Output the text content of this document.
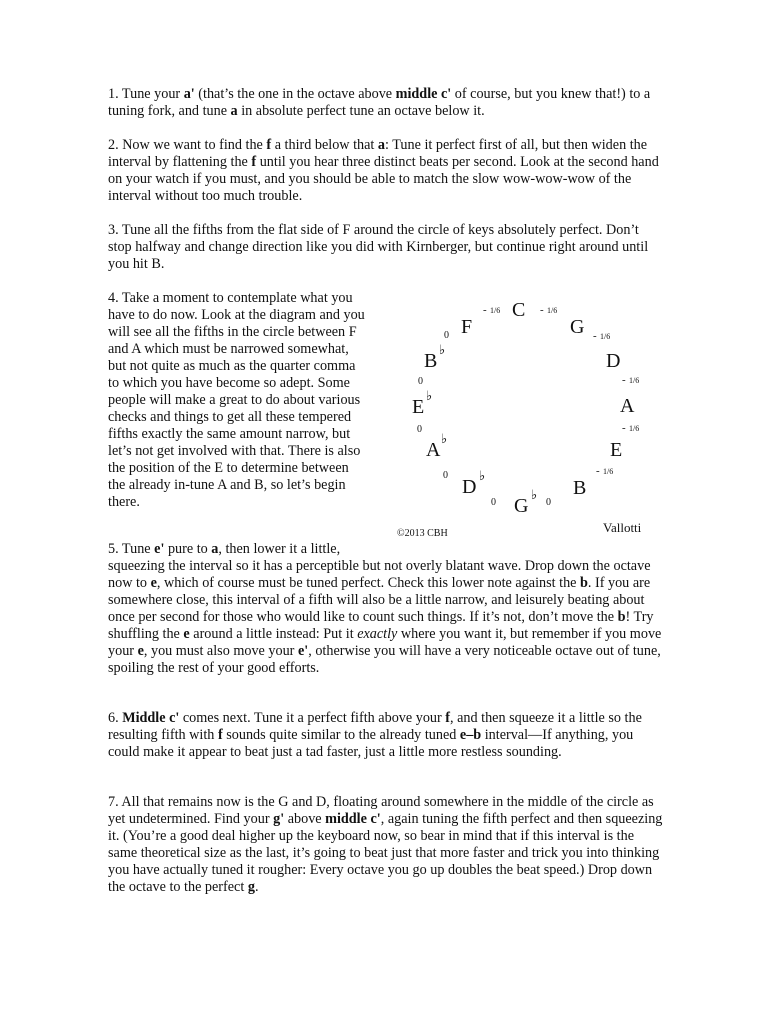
1. Tune your a' (that’s the one in the octave above middle c' of course, but you knew that!) to a tuning fork, and tune a in absolute perfect tune an octave below it.

2. Now we want to find the f a third below that a: Tune it perfect first of all, but then widen the interval by flattening the f until you hear three distinct beats per second. Look at the second hand on your watch if you must, and you should be able to match the slow wow-wow-wow of the interval without too much trouble.

3. Tune all the fifths from the flat side of F around the circle of keys absolutely perfect. Don’t stop halfway and change direction like you did with Kirnberger, but continue right around until you hit B.

4. Take a moment to contemplate what you have to do now. Look at the diagram and you will see all the fifths in the circle between F and A which must be narrowed somewhat, but not quite as much as the quarter comma to which you have become so adept. Some people will make a great to do about various checks and things to get all these tempered fifths exactly the same amount narrow, but let’s not get involved with that. There is also the position of the E to determine between the already in-tune A and B, so let’s begin there.

5. Tune e' pure to a, then lower it a little, squeezing the interval so it has a perceptible but not overly blatant wave. Drop down the octave now to e, which of course must be tuned perfect. Check this lower note against the b. If you are somewhere close, this interval of a fifth will also be a little narrow, and leisurely beating about once per second for those who would like to count such things. If it’s not, don’t move the b! Try shuffling the e around a little instead: Put it exactly where you want it, but remember if you move your e, you must also move your e', otherwise you will have a very noticeable octave out of tune, spoiling the rest of your good efforts.

6. Middle c' comes next. Tune it a perfect fifth above your f, and then squeeze it a little so the resulting fifth with f sounds quite similar to the already tuned e–b interval—If anything, you could make it appear to beat just a tad faster, just a little more restless sounding.

7. All that remains now is the G and D, floating around somewhere in the middle of the circle as yet undetermined. Find your g' above middle c', again tuning the fifth perfect and then squeezing it. (You’re a good deal higher up the keyboard now, so bear in mind that if this interval is the same theoretical size as the last, it’s going to beat just that more faster and trick you into thinking you have actually tuned it rougher: Every octave you go up doubles the beat speed.) Drop down the octave to the perfect g.

C
G
D
A
E
B
G
♭
D
♭
A
♭
E
♭
B
♭
F
- 1/6	- 1/6
- 1/6
- 1/6
- 1/6
- 1/6
0
0
0
0
0	0
©2013 CBH	Vallotti
